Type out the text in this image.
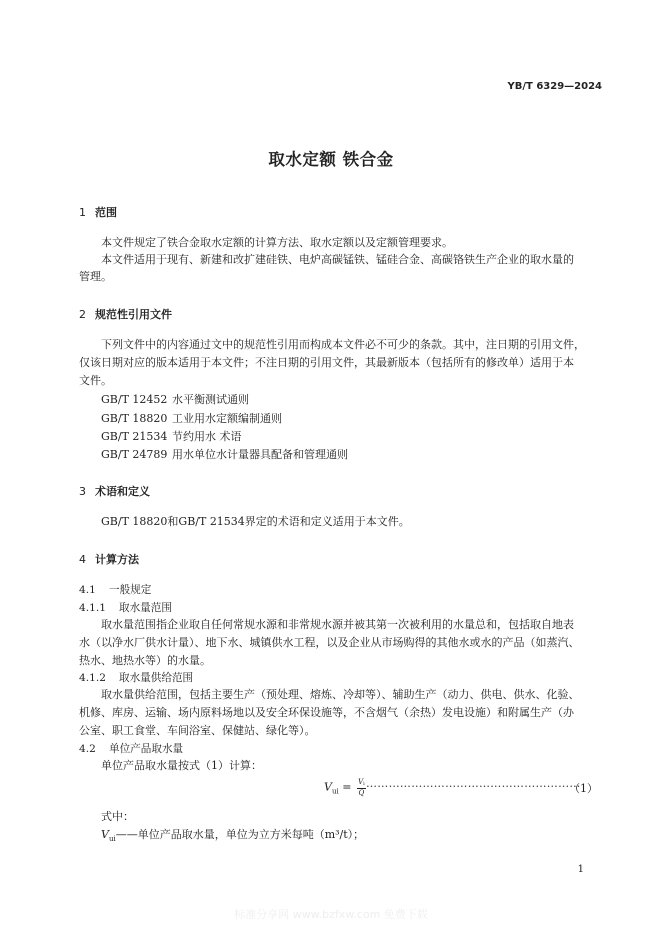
YB/T 6329—2024
取水定额 铁合金
1 范围
本文件规定了铁合金取水定额的计算方法、取水定额以及定额管理要求。
本文件适用于现有、新建和改扩建硅铁、电炉高碳锰铁、锰硅合金、高碳铬铁生产企业的取水量的
管理。
2 规范性引用文件
下列文件中的内容通过文中的规范性引用而构成本文件必不可少的条款。其中，注日期的引用文件，
仅该日期对应的版本适用于本文件；不注日期的引用文件，其最新版本（包括所有的修改单）适用于本
文件。
GB/T 12452 水平衡测试通则
GB/T 18820 工业用水定额编制通则
GB/T 21534 节约用水 术语
GB/T 24789 用水单位水计量器具配备和管理通则
3 术语和定义
GB/T 18820和GB/T 21534界定的术语和定义适用于本文件。
4 计算方法
4.1 一般规定
4.1.1 取水量范围
取水量范围指企业取自任何常规水源和非常规水源并被其第一次被利用的水量总和，包括取自地表
水（以净水厂供水计量）、地下水、城镇供水工程，以及企业从市场购得的其他水或水的产品（如蒸汽、
热水、地热水等）的水量。
4.1.2 取水量供给范围
取水量供给范围，包括主要生产（预处理、熔炼、冷却等）、辅助生产（动力、供电、供水、化验、
机修、库房、运输、场内原料场地以及安全环保设施等，不含烟气（余热）发电设施）和附属生产（办
公室、职工食堂、车间浴室、保健站、绿化等）。
4.2 单位产品取水量
单位产品取水量按式（1）计算：
$V_{ui} = \frac{V_i}{Q}$ …………………………………………………
（1）
式中：
$V_{ui}——$单位产品取水量，单位为立方米每吨（m³/t）；
1
标准分享网 www.bzfxw.com 免费下载
